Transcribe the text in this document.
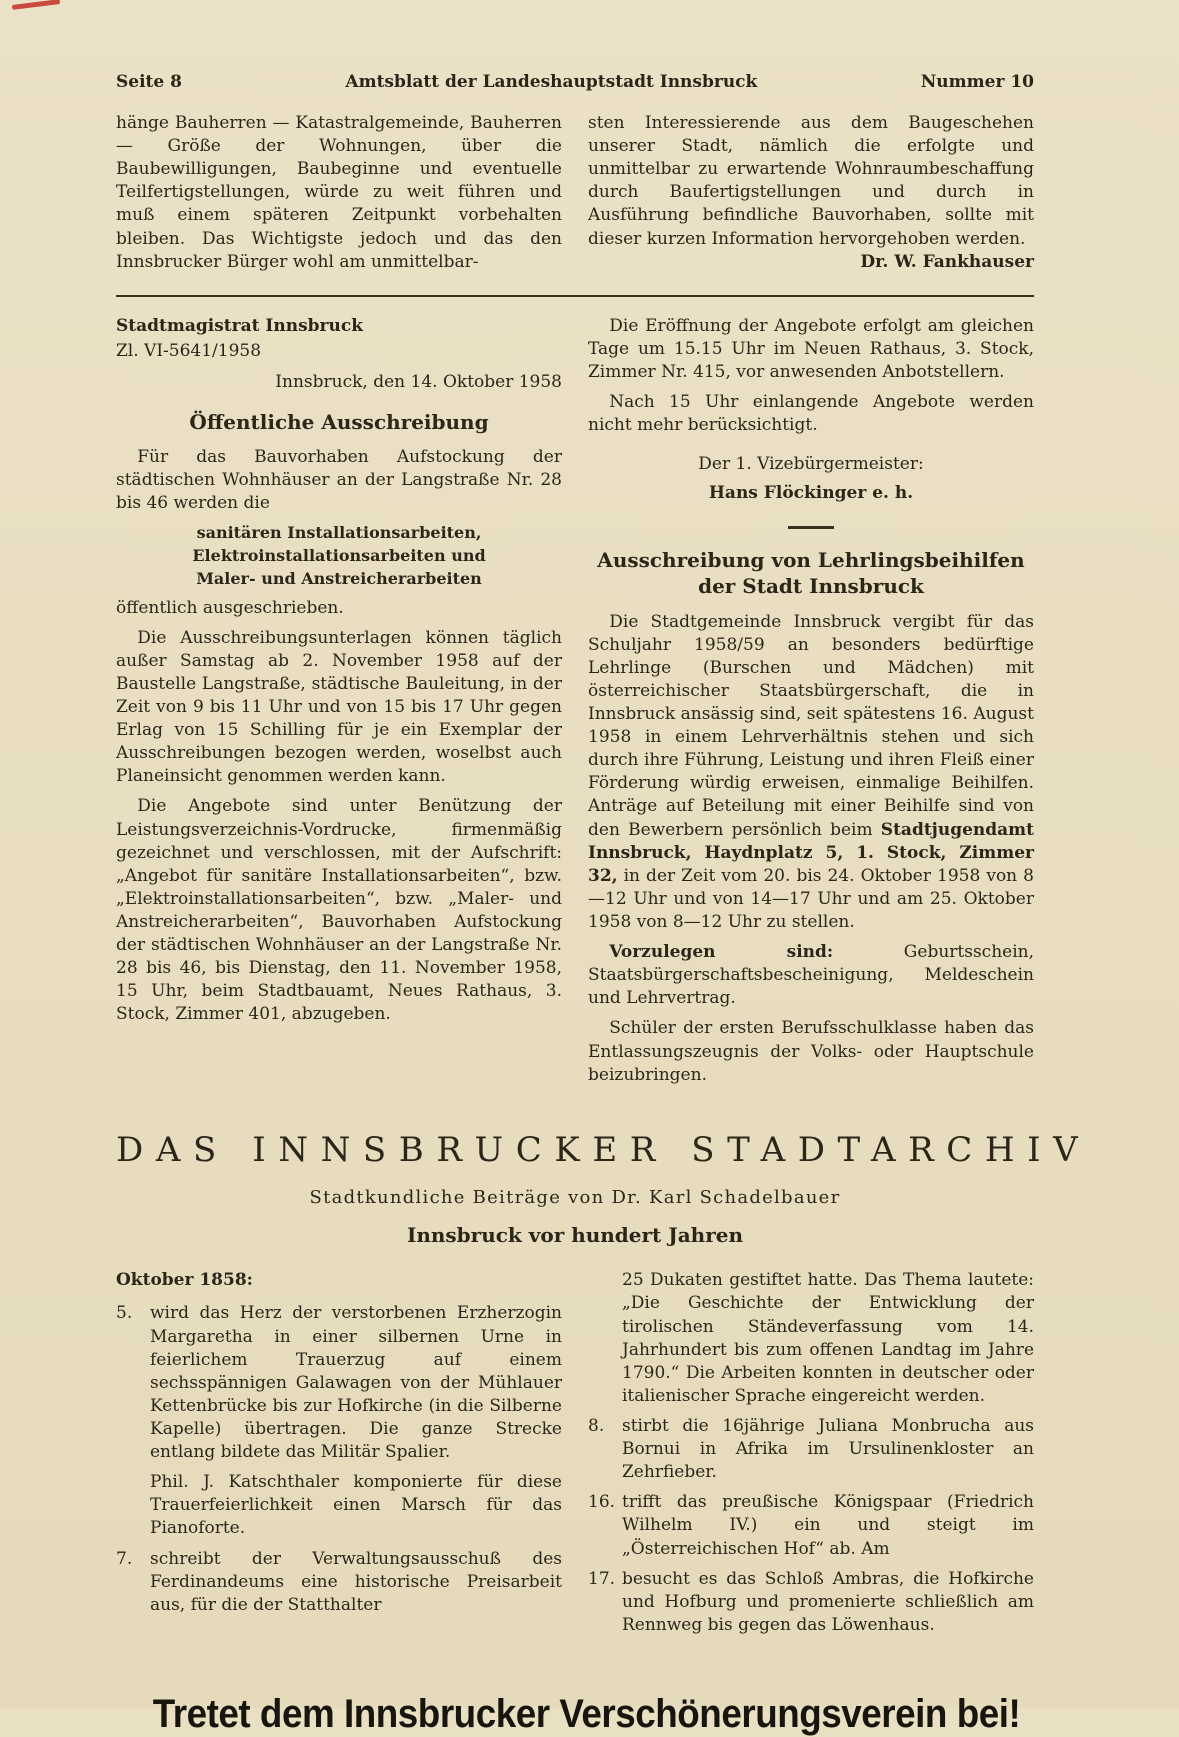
Seite 8	Amtsblatt der Landeshauptstadt Innsbruck	Nummer 10

hänge Bauherren — Katastralgemeinde, Bauherren — Größe der Wohnungen, über die Baubewilligungen, Baubeginne und eventuelle Teilfertigstellungen, würde zu weit führen und muß einem späteren Zeitpunkt vorbehalten bleiben. Das Wichtigste jedoch und das den Innsbrucker Bürger wohl am unmittelbar-

sten Interessierende aus dem Baugeschehen unserer Stadt, nämlich die erfolgte und unmittelbar zu erwartende Wohnraumbeschaffung durch Baufertigstellungen und durch in Ausführung befindliche Bauvorhaben, sollte mit dieser kurzen Information hervorgehoben werden.
Dr. W. Fankhauser

Stadtmagistrat Innsbruck

Zl. VI-5641/1958

Innsbruck, den 14. Oktober 1958

Öffentliche Ausschreibung

Für das Bauvorhaben Aufstockung der städtischen Wohnhäuser an der Langstraße Nr. 28 bis 46 werden die

sanitären Installationsarbeiten,
Elektroinstallationsarbeiten und
Maler- und Anstreicherarbeiten

öffentlich ausgeschrieben.

Die Ausschreibungsunterlagen können täglich außer Samstag ab 2. November 1958 auf der Baustelle Langstraße, städtische Bauleitung, in der Zeit von 9 bis 11 Uhr und von 15 bis 17 Uhr gegen Erlag von 15 Schilling für je ein Exemplar der Ausschreibungen bezogen werden, woselbst auch Planeinsicht genommen werden kann.

Die Angebote sind unter Benützung der Leistungsverzeichnis-Vordrucke, firmenmäßig gezeichnet und verschlossen, mit der Aufschrift: „Angebot für sanitäre Installationsarbeiten“, bzw. „Elektroinstallationsarbeiten“, bzw. „Maler- und Anstreicherarbeiten“, Bauvorhaben Aufstockung der städtischen Wohnhäuser an der Langstraße Nr. 28 bis 46, bis Dienstag, den 11. November 1958, 15 Uhr, beim Stadtbauamt, Neues Rathaus, 3. Stock, Zimmer 401, abzugeben.

Die Eröffnung der Angebote erfolgt am gleichen Tage um 15.15 Uhr im Neuen Rathaus, 3. Stock, Zimmer Nr. 415, vor anwesenden Anbotstellern.

Nach 15 Uhr einlangende Angebote werden nicht mehr berücksichtigt.

Der 1. Vizebürgermeister:

Hans Flöckinger e. h.

Ausschreibung von Lehrlingsbeihilfen
der Stadt Innsbruck

Die Stadtgemeinde Innsbruck vergibt für das Schuljahr 1958/59 an besonders bedürftige Lehrlinge (Burschen und Mädchen) mit österreichischer Staatsbürgerschaft, die in Innsbruck ansässig sind, seit spätestens 16. August 1958 in einem Lehrverhältnis stehen und sich durch ihre Führung, Leistung und ihren Fleiß einer Förderung würdig erweisen, einmalige Beihilfen. Anträge auf Beteilung mit einer Beihilfe sind von den Bewerbern persönlich beim Stadtjugendamt Innsbruck, Haydnplatz 5, 1. Stock, Zimmer 32, in der Zeit vom 20. bis 24. Oktober 1958 von 8—12 Uhr und von 14—17 Uhr und am 25. Oktober 1958 von 8—12 Uhr zu stellen.

Vorzulegen sind: Geburtsschein, Staatsbürgerschaftsbescheinigung, Meldeschein und Lehrvertrag.

Schüler der ersten Berufsschulklasse haben das Entlassungszeugnis der Volks- oder Hauptschule beizubringen.

DAS INNSBRUCKER STADTARCHIV

Stadtkundliche Beiträge von Dr. Karl Schadelbauer

Innsbruck vor hundert Jahren

Oktober 1858:

5. wird das Herz der verstorbenen Erzherzogin Margaretha in einer silbernen Urne in feierlichem Trauerzug auf einem sechsspännigen Galawagen von der Mühlauer Kettenbrücke bis zur Hofkirche (in die Silberne Kapelle) übertragen. Die ganze Strecke entlang bildete das Militär Spalier.
Phil. J. Katschthaler komponierte für diese Trauerfeierlichkeit einen Marsch für das Pianoforte.
7. schreibt der Verwaltungsausschuß des Ferdinandeums eine historische Preisarbeit aus, für die der Statthalter

25 Dukaten gestiftet hatte. Das Thema lautete: „Die Geschichte der Entwicklung der tirolischen Ständeverfassung vom 14. Jahrhundert bis zum offenen Landtag im Jahre 1790.“ Die Arbeiten konnten in deutscher oder italienischer Sprache eingereicht werden.

8. stirbt die 16jährige Juliana Monbrucha aus Bornui in Afrika im Ursulinenkloster an Zehrfieber.
16. trifft das preußische Königspaar (Friedrich Wilhelm IV.) ein und steigt im „Österreichischen Hof“ ab. Am
17. besucht es das Schloß Ambras, die Hofkirche und Hofburg und promenierte schließlich am Rennweg bis gegen das Löwenhaus.
Tretet dem Innsbrucker Verschönerungsverein bei!
